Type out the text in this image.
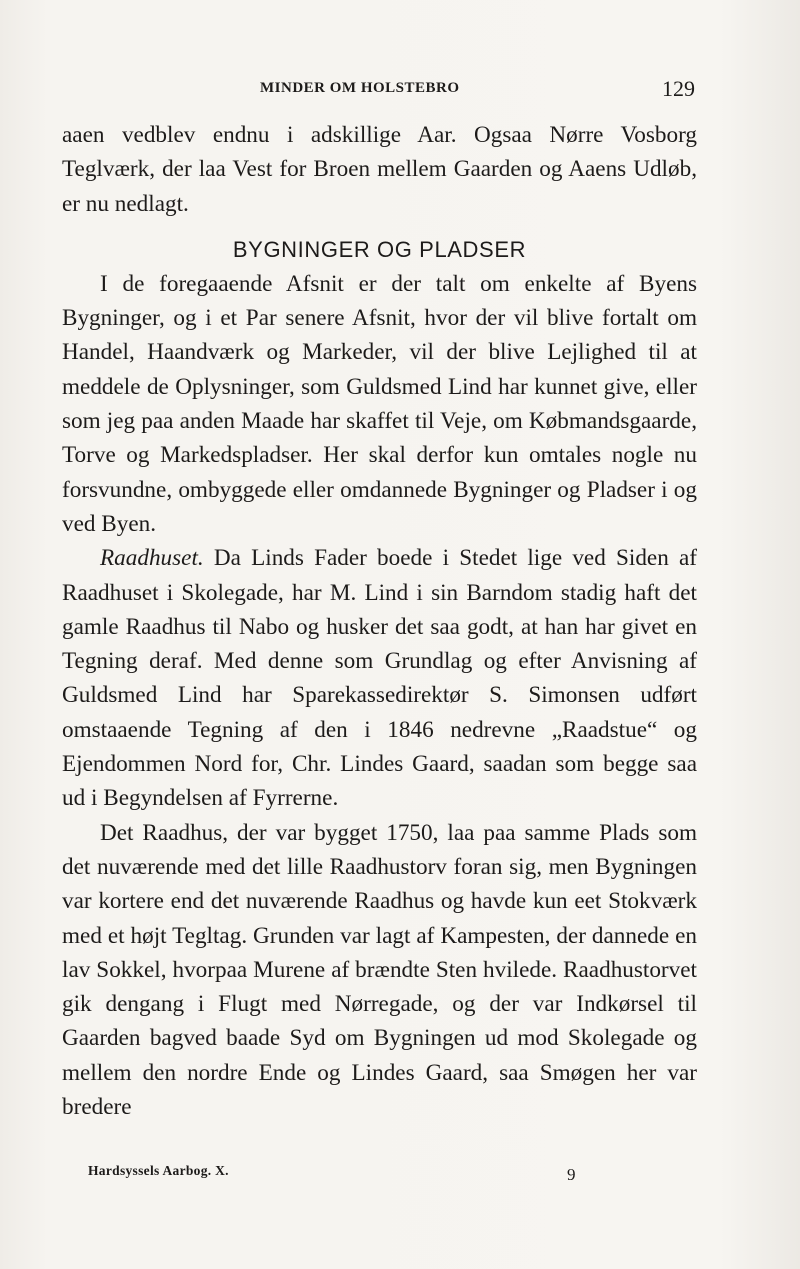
MINDER OM HOLSTEBRO	129

aaen vedblev endnu i adskillige Aar. Ogsaa Nørre Vosborg Teglværk, der laa Vest for Broen mellem Gaarden og Aaens Udløb, er nu nedlagt.

BYGNINGER OG PLADSER

I de foregaaende Afsnit er der talt om enkelte af Byens Bygninger, og i et Par senere Afsnit, hvor der vil blive fortalt om Handel, Haandværk og Markeder, vil der blive Lejlighed til at meddele de Oplysninger, som Guldsmed Lind har kunnet give, eller som jeg paa anden Maade har skaffet til Veje, om Købmandsgaarde, Torve og Markedspladser. Her skal derfor kun omtales nogle nu forsvundne, ombyggede eller omdannede Bygninger og Pladser i og ved Byen.

Raadhuset. Da Linds Fader boede i Stedet lige ved Siden af Raadhuset i Skolegade, har M. Lind i sin Barndom stadig haft det gamle Raadhus til Nabo og husker det saa godt, at han har givet en Tegning deraf. Med denne som Grundlag og efter Anvisning af Guldsmed Lind har Sparekassedirektør S. Simonsen udført omstaaende Tegning af den i 1846 nedrevne „Raadstue“ og Ejendommen Nord for, Chr. Lindes Gaard, saadan som begge saa ud i Begyndelsen af Fyrrerne.

Det Raadhus, der var bygget 1750, laa paa samme Plads som det nuværende med det lille Raadhustorv foran sig, men Bygningen var kortere end det nuværende Raadhus og havde kun eet Stokværk med et højt Tegltag. Grunden var lagt af Kampesten, der dannede en lav Sokkel, hvorpaa Murene af brændte Sten hvilede. Raadhustorvet gik dengang i Flugt med Nørregade, og der var Indkørsel til Gaarden bagved baade Syd om Bygningen ud mod Skolegade og mellem den nordre Ende og Lindes Gaard, saa Smøgen her var bredere

Hardsyssels Aarbog. X.	9
